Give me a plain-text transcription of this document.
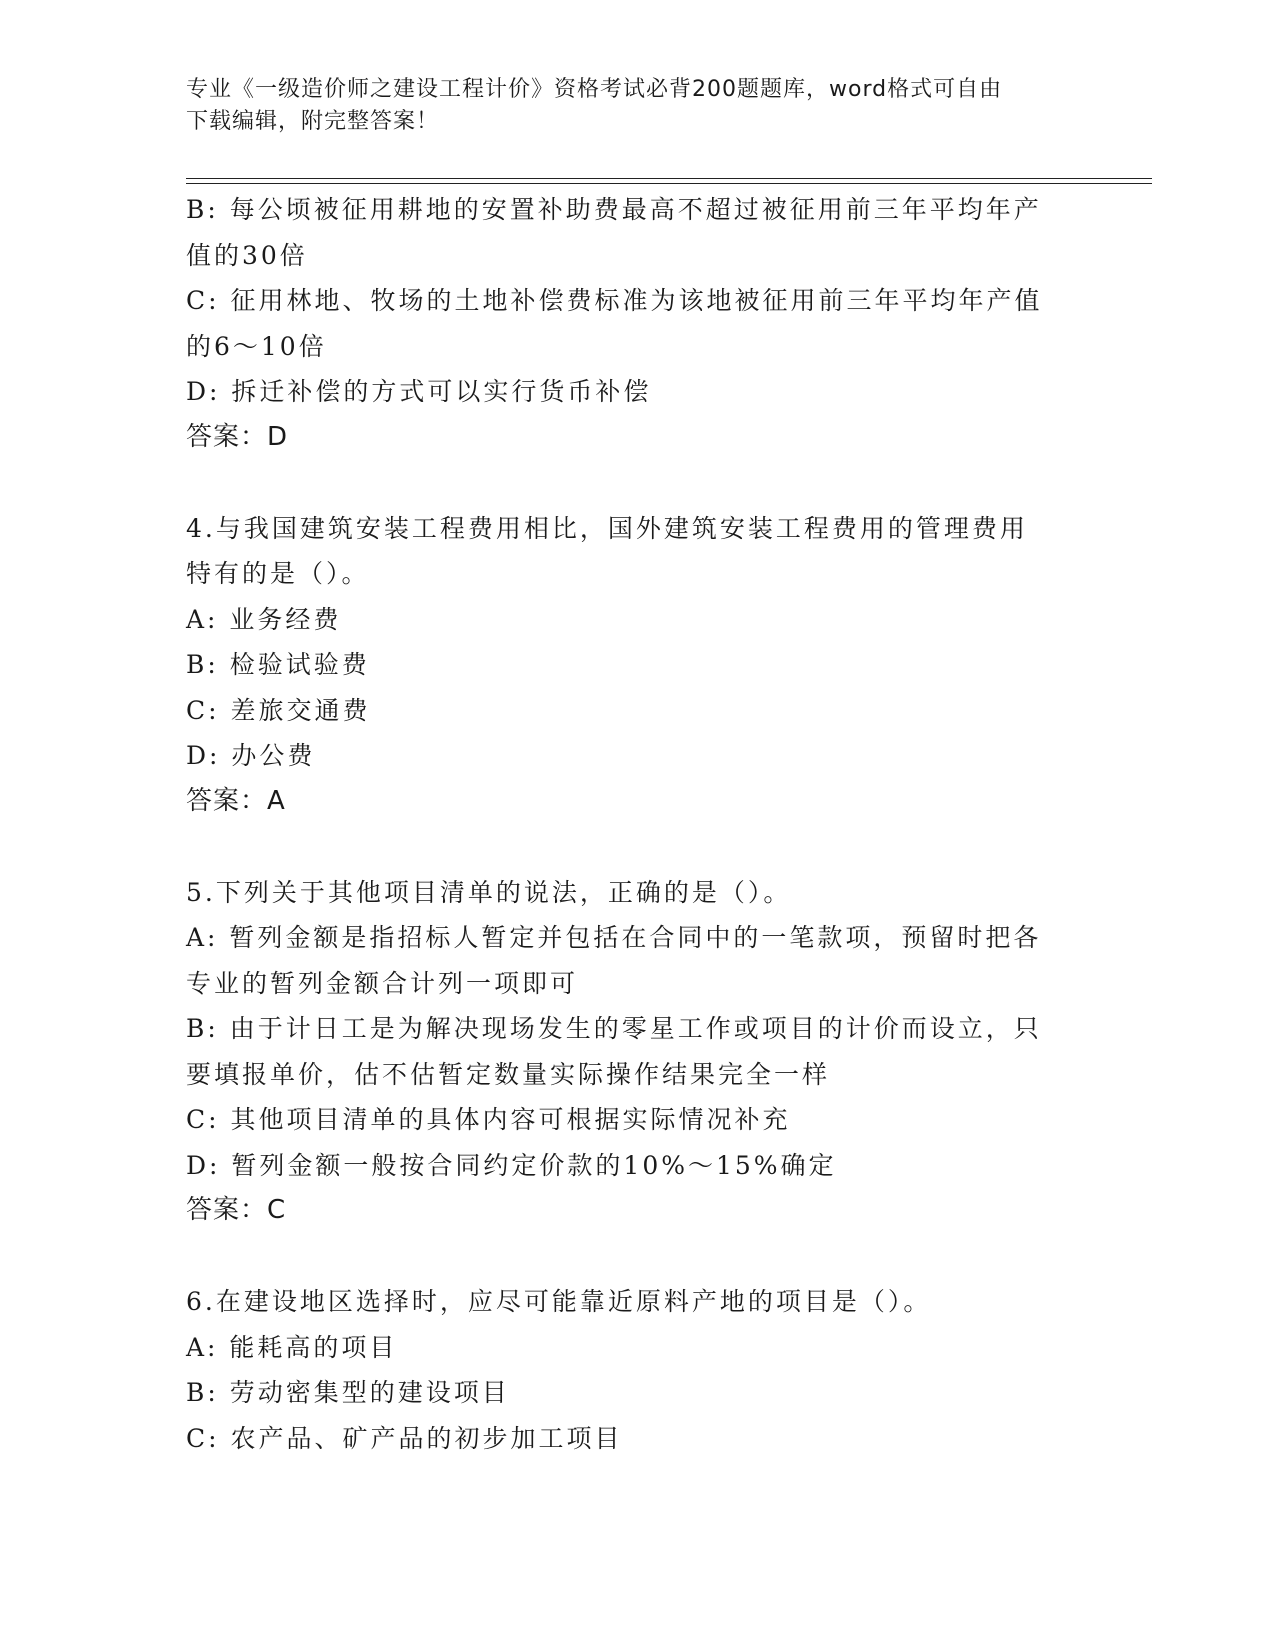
专业《一级造价师之建设工程计价》资格考试必背200题题库，word格式可自由
下载编辑，附完整答案！
B: 每公顷被征用耕地的安置补助费最高不超过被征用前三年平均年产
值的30倍
C: 征用林地、牧场的土地补偿费标准为该地被征用前三年平均年产值
的6～10倍
D: 拆迁补偿的方式可以实行货币补偿
答案：D
4.与我国建筑安装工程费用相比，国外建筑安装工程费用的管理费用
特有的是（）。
A: 业务经费
B: 检验试验费
C: 差旅交通费
D: 办公费
答案：A
5.下列关于其他项目清单的说法，正确的是（）。
A: 暂列金额是指招标人暂定并包括在合同中的一笔款项，预留时把各
专业的暂列金额合计列一项即可
B: 由于计日工是为解决现场发生的零星工作或项目的计价而设立，只
要填报单价，估不估暂定数量实际操作结果完全一样
C: 其他项目清单的具体内容可根据实际情况补充
D: 暂列金额一般按合同约定价款的10%～15%确定
答案：C
6.在建设地区选择时，应尽可能靠近原料产地的项目是（）。
A: 能耗高的项目
B: 劳动密集型的建设项目
C: 农产品、矿产品的初步加工项目
